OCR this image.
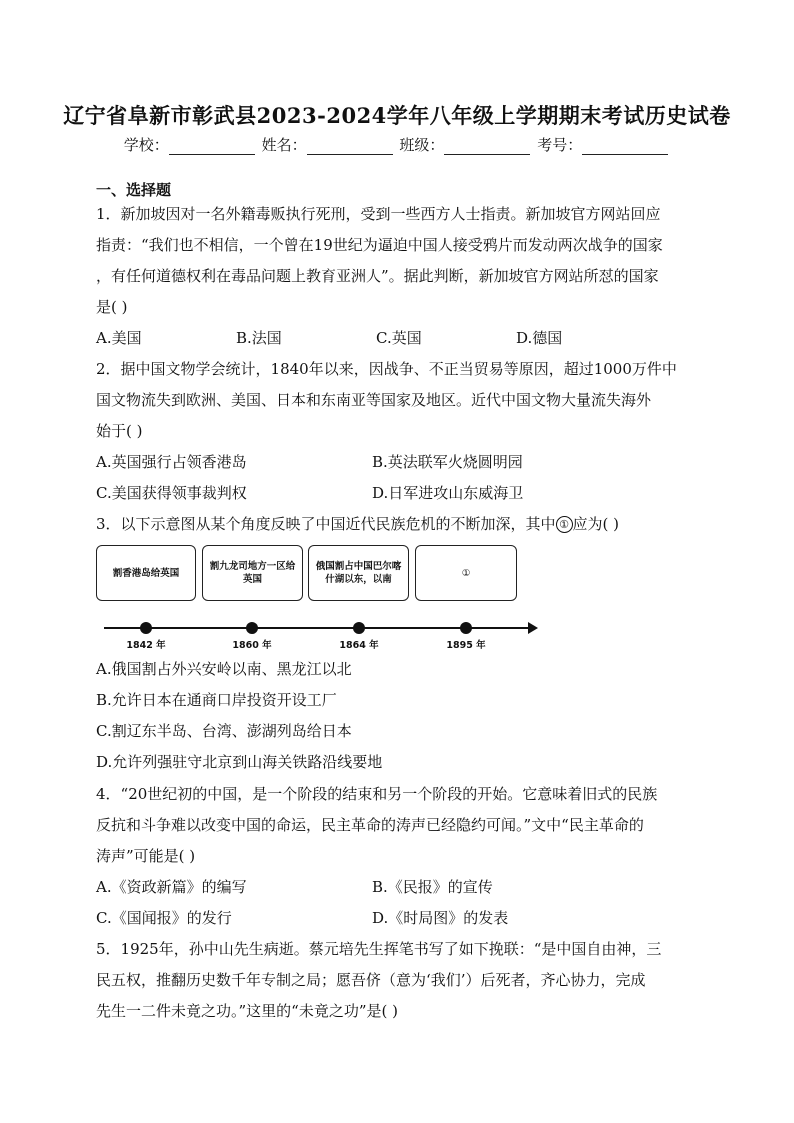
辽宁省阜新市彰武县2023-2024学年八年级上学期期末考试历史试卷
学校：	姓名：	班级：	考号：
一、选择题
1．新加坡因对一名外籍毒贩执行死刑，受到一些西方人士指责。新加坡官方网站回应
指责：“我们也不相信，一个曾在19世纪为逼迫中国人接受鸦片而发动两次战争的国家
，有任何道德权利在毒品问题上教育亚洲人”。据此判断，新加坡官方网站所怼的国家
是( )
A.美国	B.法国	C.英国	D.德国
2．据中国文物学会统计，1840年以来，因战争、不正当贸易等原因，超过1000万件中
国文物流失到欧洲、美国、日本和东南亚等国家及地区。近代中国文物大量流失海外
始于( )
A.英国强行占领香港岛	B.英法联军火烧圆明园
C.美国获得领事裁判权	D.日军进攻山东威海卫
3．以下示意图从某个角度反映了中国近代民族危机的不断加深，其中 ① 应为( )
割香港岛给英国
割九龙司地方一区给英国
俄国割占中国巴尔喀什湖以东，以南
①
1842 年	1860 年	1864 年	1895 年
A.俄国割占外兴安岭以南、黑龙江以北
B.允许日本在通商口岸投资开设工厂
C.割辽东半岛、台湾、澎湖列岛给日本
D.允许列强驻守北京到山海关铁路沿线要地
4．“20世纪初的中国，是一个阶段的结束和另一个阶段的开始。它意味着旧式的民族
反抗和斗争难以改变中国的命运，民主革命的涛声已经隐约可闻。”文中“民主革命的
涛声”可能是( )
A.《资政新篇》的编写	B.《民报》的宣传
C.《国闻报》的发行	D.《时局图》的发表
5．1925年，孙中山先生病逝。蔡元培先生挥笔书写了如下挽联：“是中国自由神，三
民五权，推翻历史数千年专制之局；愿吾侪（意为‘我们’）后死者，齐心协力，完成
先生一二件未竟之功。”这里的“未竟之功”是( )
